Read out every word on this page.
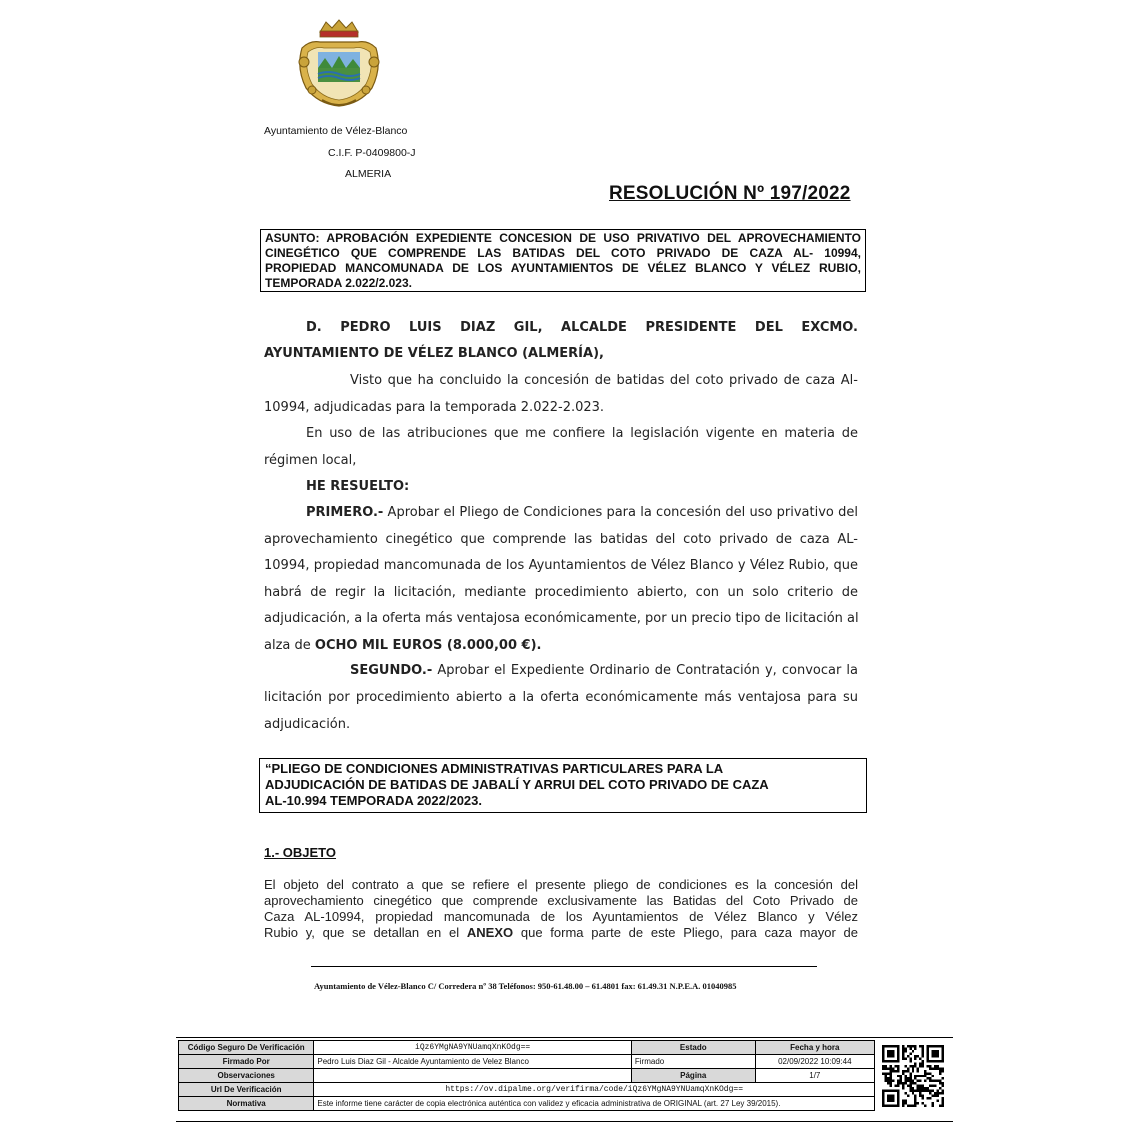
Ayuntamiento de Vélez-Blanco
C.I.F. P-0409800-J
ALMERIA
RESOLUCIÓN Nº 197/2022
ASUNTO: APROBACIÓN EXPEDIENTE CONCESION DE USO PRIVATIVO DEL APROVECHAMIENTO
CINEGÉTICO QUE COMPRENDE LAS BATIDAS DEL COTO PRIVADO DE CAZA AL- 10994,
PROPIEDAD MANCOMUNADA DE LOS AYUNTAMIENTOS DE VÉLEZ BLANCO Y VÉLEZ RUBIO,
TEMPORADA 2.022/2.023.
D. PEDRO LUIS DIAZ GIL, ALCALDE PRESIDENTE DEL EXCMO.
AYUNTAMIENTO DE VÉLEZ BLANCO (ALMERÍA),
Visto que ha concluido la concesión de batidas del coto privado de caza Al-
10994, adjudicadas para la temporada 2.022-2.023.
En uso de las atribuciones que me confiere la legislación vigente en materia de
régimen local,
HE RESUELTO:
PRIMERO.- Aprobar el Pliego de Condiciones para la concesión del uso privativo del
aprovechamiento cinegético que comprende las batidas del coto privado de caza AL-
10994, propiedad mancomunada de los Ayuntamientos de Vélez Blanco y Vélez Rubio, que
habrá de regir la licitación, mediante procedimiento abierto, con un solo criterio de
adjudicación, a la oferta más ventajosa económicamente, por un precio tipo de licitación al
alza de OCHO MIL EUROS (8.000,00 €).
SEGUNDO.- Aprobar el Expediente Ordinario de Contratación y, convocar la
licitación por procedimiento abierto a la oferta económicamente más ventajosa para su
adjudicación.
“PLIEGO DE CONDICIONES ADMINISTRATIVAS PARTICULARES PARA LA
ADJUDICACIÓN DE BATIDAS DE JABALÍ Y ARRUI DEL COTO PRIVADO DE CAZA
AL-10.994 TEMPORADA 2022/2023.
1.- OBJETO
El objeto del contrato a que se refiere el presente pliego de condiciones es la concesión del
aprovechamiento cinegético que comprende exclusivamente las Batidas del Coto Privado de
Caza AL-10994, propiedad mancomunada de los Ayuntamientos de Vélez Blanco y Vélez
Rubio y, que se detallan en el ANEXO que forma parte de este Pliego, para caza mayor de
Ayuntamiento de Vélez-Blanco C/ Corredera nº 38 Teléfonos: 950-61.48.00 – 61.4801 fax: 61.49.31 N.P.E.A. 01040985
Código Seguro De Verificación	iQz6YMgNA9YNUamqXnKOdg==	Estado	Fecha y hora
Firmado Por	Pedro Luis Diaz Gil - Alcalde Ayuntamiento de Velez Blanco	Firmado	02/09/2022 10:09:44
Observaciones		Página	1/7
Url De Verificación	https://ov.dipalme.org/verifirma/code/iQz6YMgNA9YNUamqXnKOdg==		
Normativa	Este informe tiene carácter de copia electrónica auténtica con validez y eficacia administrativa de ORIGINAL (art. 27 Ley 39/2015).		
